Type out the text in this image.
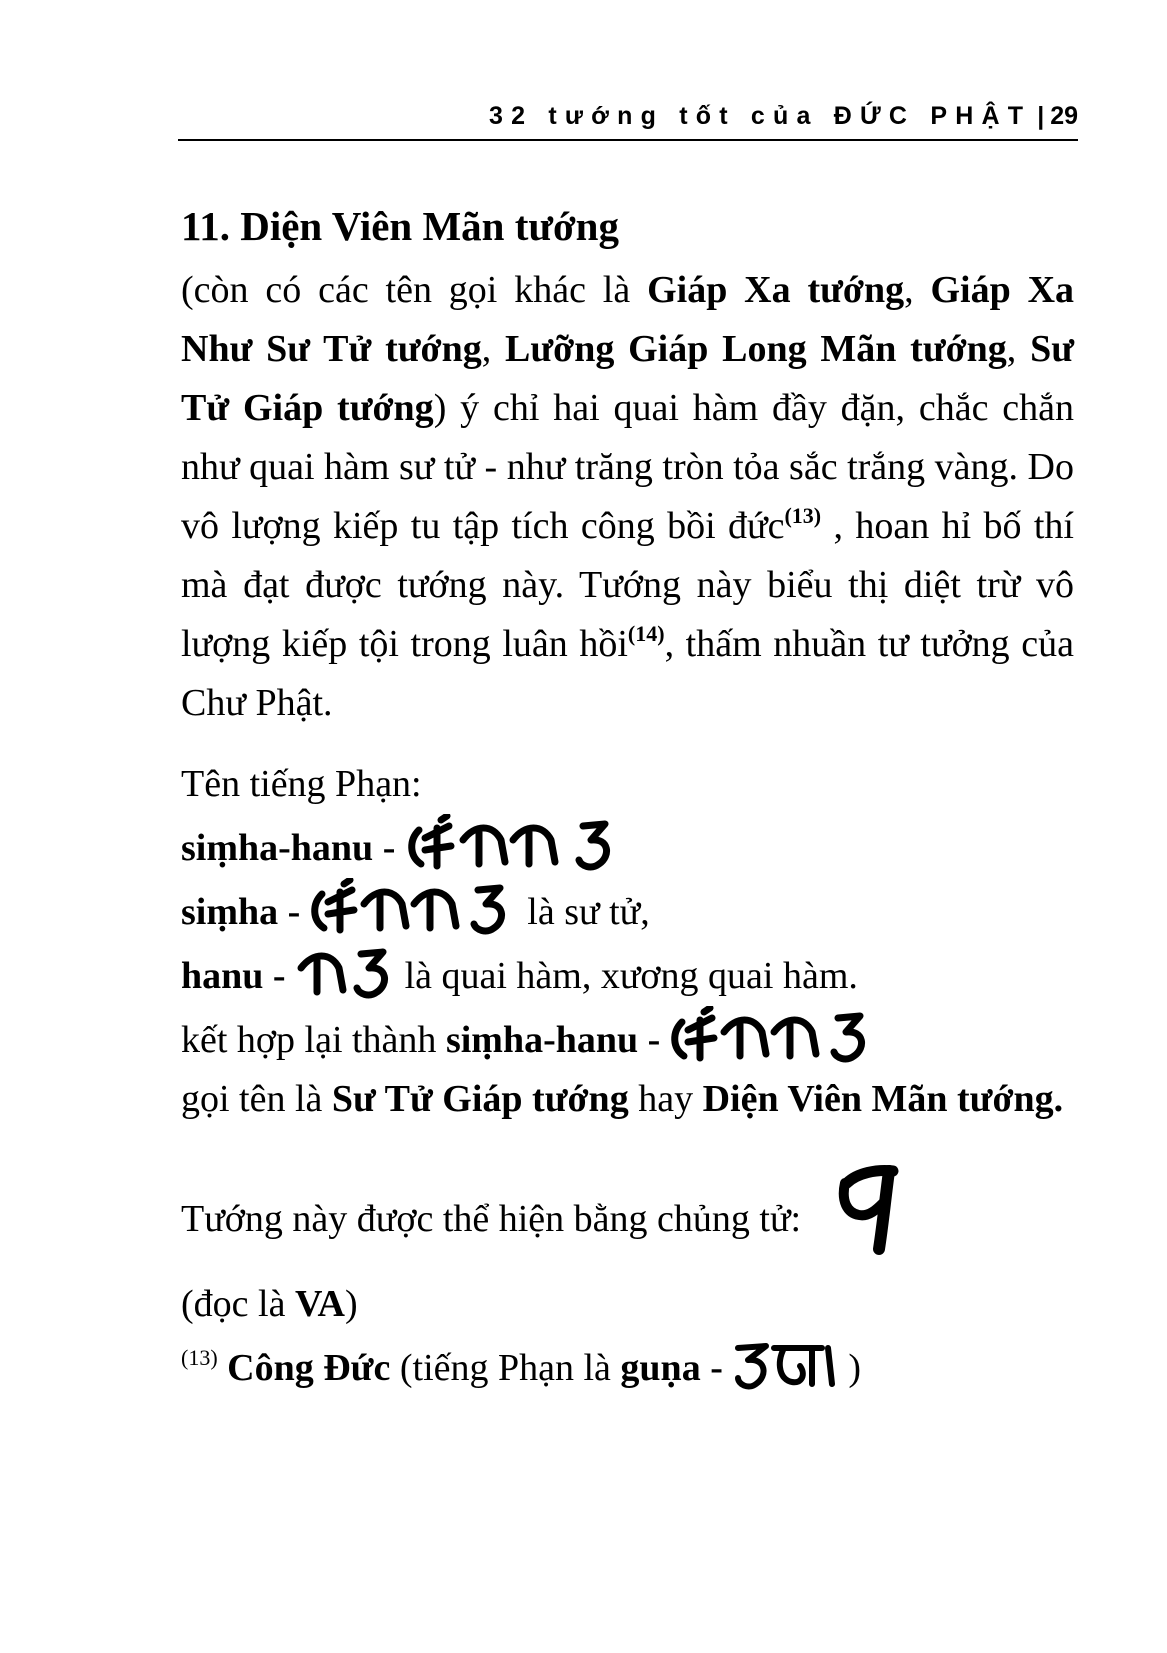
32 tướng tốt của ĐỨC PHẬT | 29
11. Diện Viên Mãn tướng

(còn có các tên gọi khác là Giáp Xa tướng, Giáp Xa Như Sư Tử tướng, Lưỡng Giáp Long Mãn tướng, Sư Tử Giáp tướng) ý chỉ hai quai hàm đầy đặn, chắc chắn như quai hàm sư tử - như trăng tròn tỏa sắc trắng vàng. Do vô lượng kiếp tu tập tích công bồi đức$^{(13)}$ , hoan hỉ bố thí mà đạt được tướng này. Tướng này biểu thị diệt trừ vô lượng kiếp tội trong luân hồi$^{(14)}$, thấm nhuần tư tưởng của Chư Phật.

Tên tiếng Phạn:

siṃha-hanu -

siṃha -	là sư tử,

hanu -	là quai hàm, xương quai hàm.

kết hợp lại thành siṃha-hanu -

gọi tên là Sư Tử Giáp tướng hay Diện Viên Mãn tướng.

Tướng này được thể hiện bằng chủng tử:

(đọc là VA)

$^{(13)}$ Công Đức (tiếng Phạn là guṇa -	)
